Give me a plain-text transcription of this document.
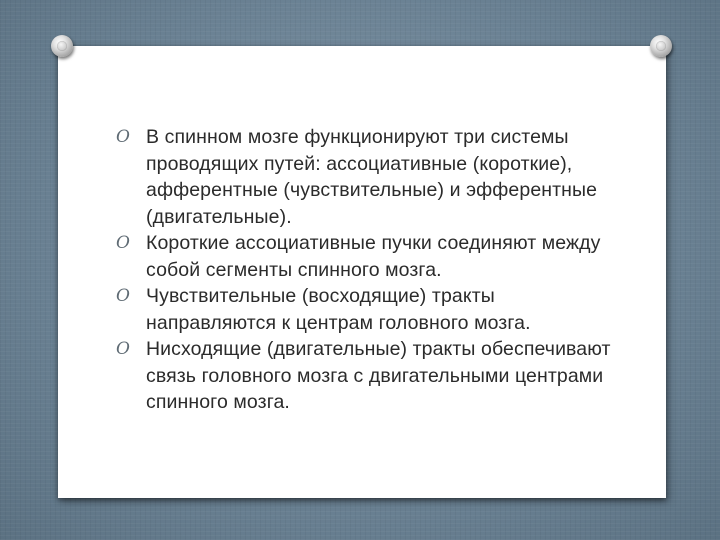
O В спинном мозге функционируют три системы проводящих путей: ассоциативные (короткие), афферентные (чувствительные) и эфферентные (двигательные).
O Короткие ассоциативные пучки соединяют между собой сегменты спинного мозга.
O Чувствительные (восходящие) тракты направляются к центрам головного мозга.
O Нисходящие (двигательные) тракты обеспечивают связь головного мозга с двигательными центрами спинного мозга.
